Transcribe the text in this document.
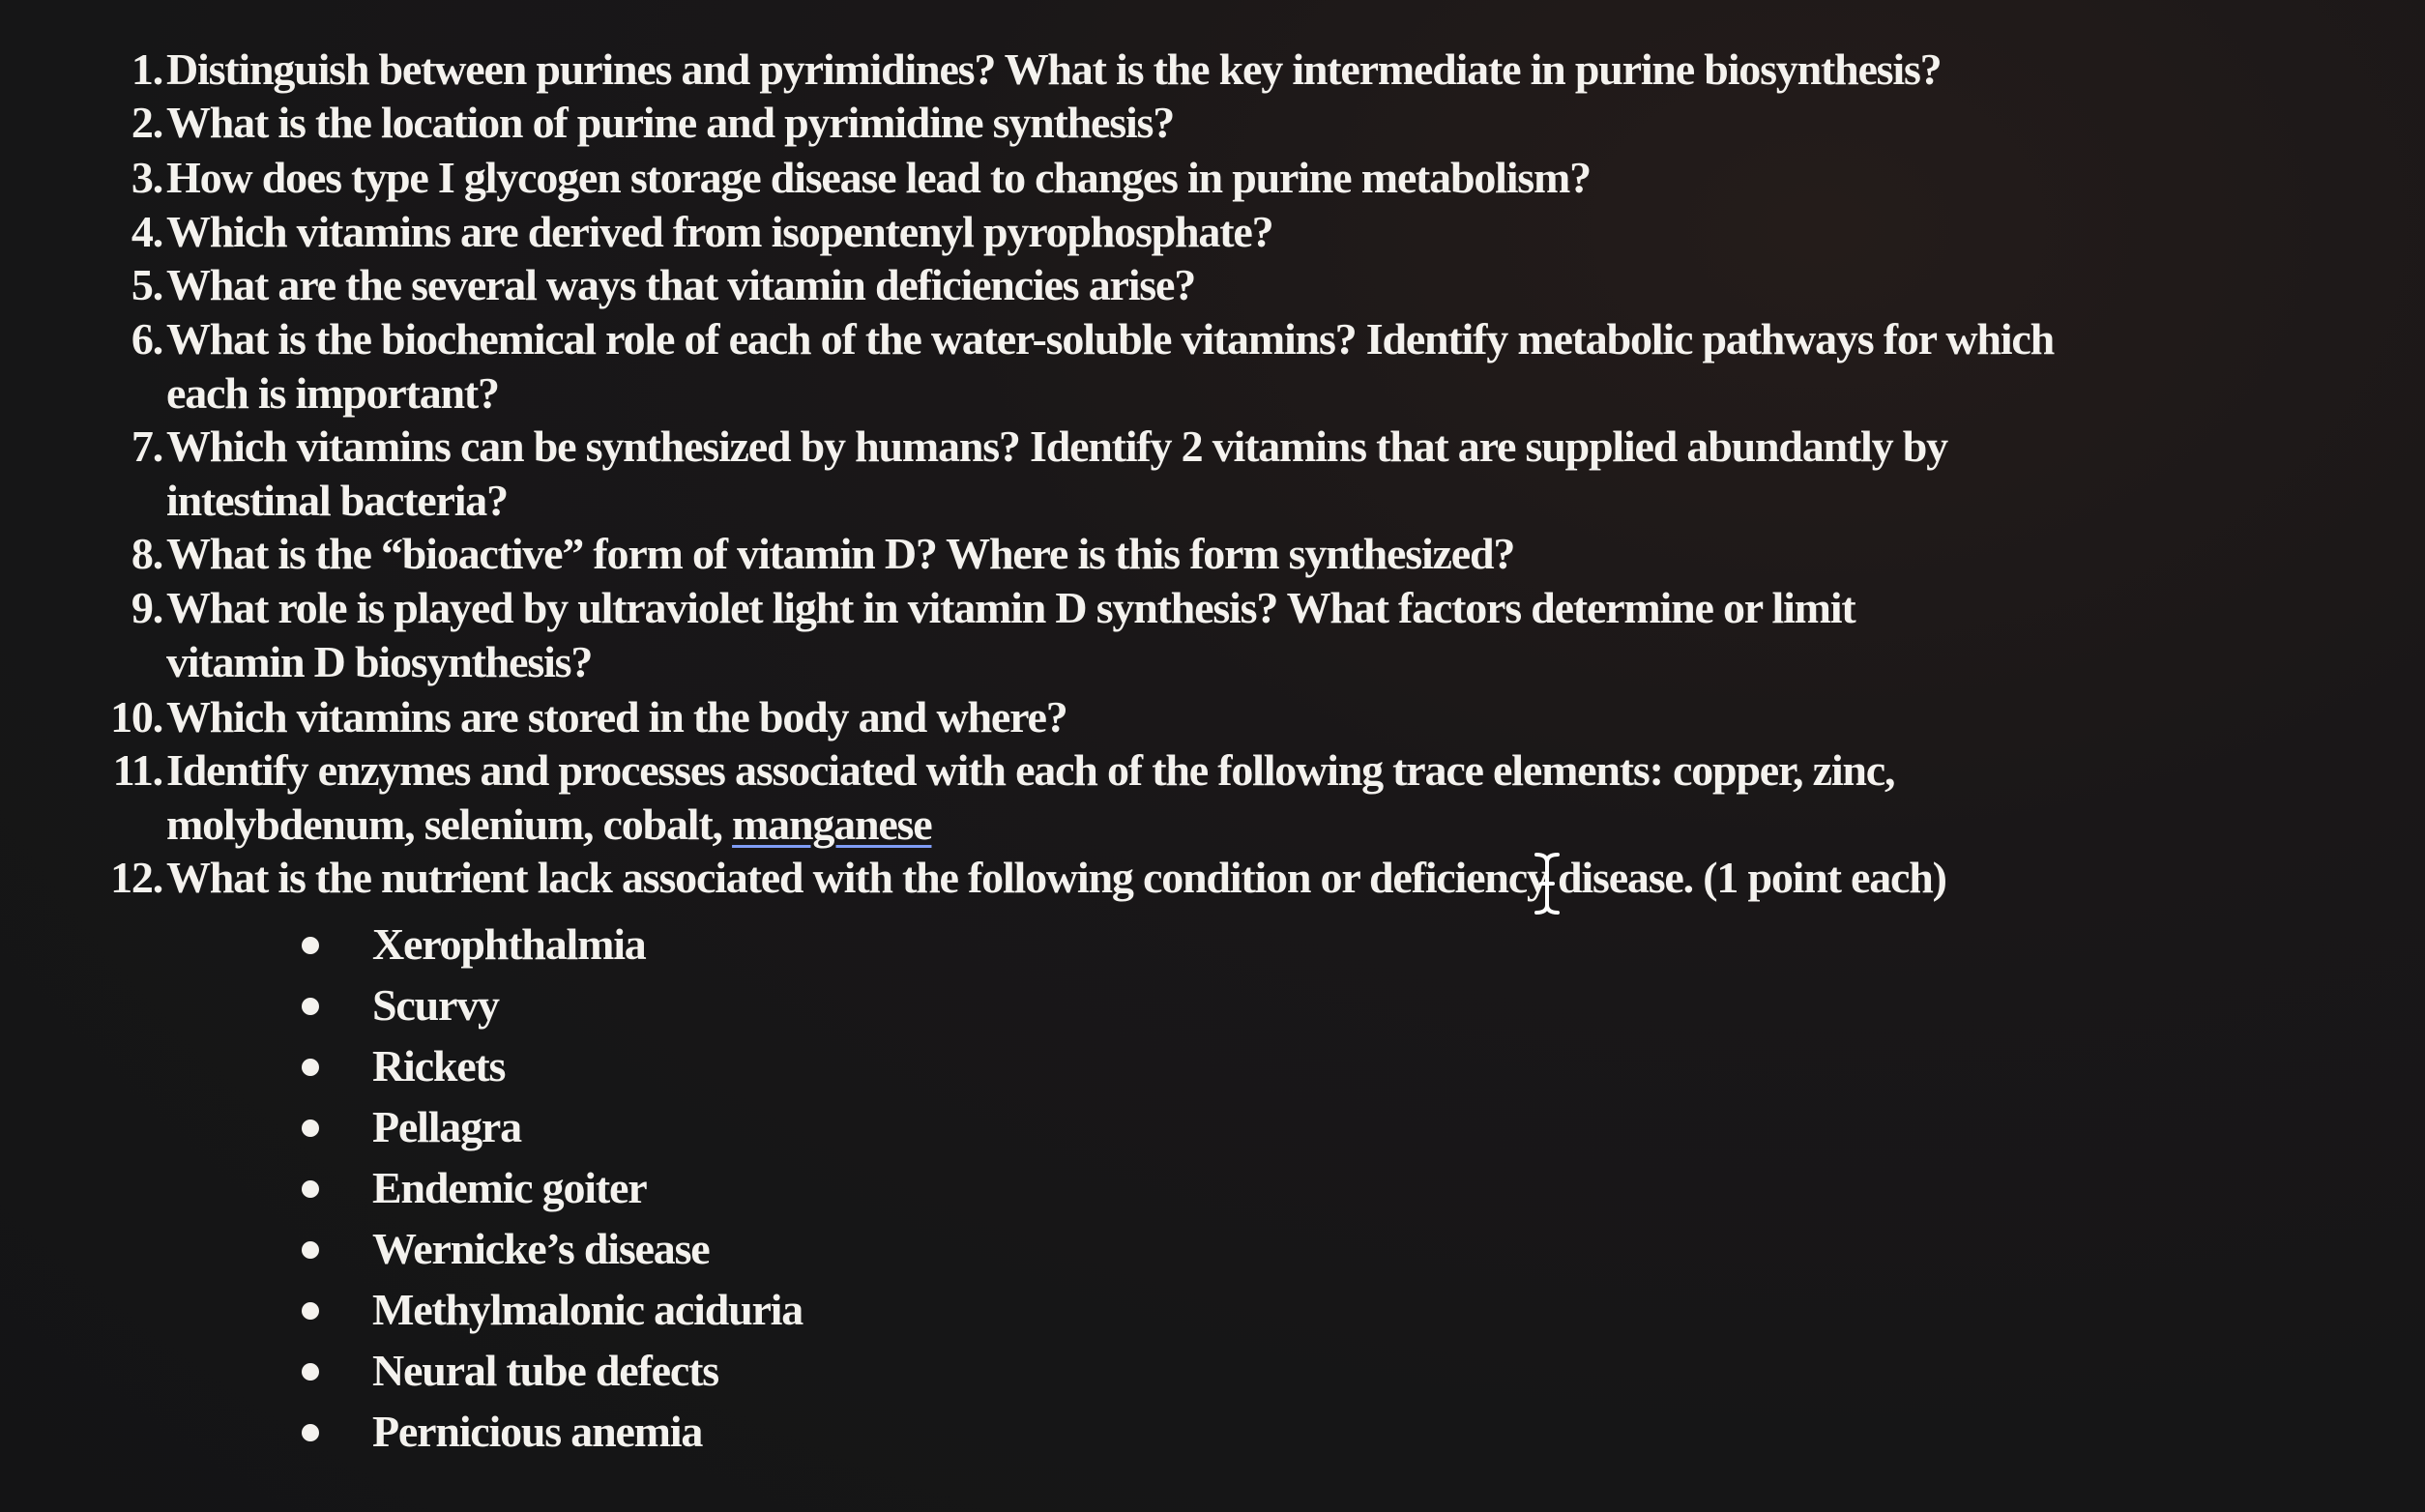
1. Distinguish between purines and pyrimidines? What is the key intermediate in purine biosynthesis?
2. What is the location of purine and pyrimidine synthesis?
3. How does type I glycogen storage disease lead to changes in purine metabolism?
4. Which vitamins are derived from isopentenyl pyrophosphate?
5. What are the several ways that vitamin deficiencies arise?
6. What is the biochemical role of each of the water-soluble vitamins? Identify metabolic pathways for which
each is important?
7. Which vitamins can be synthesized by humans? Identify 2 vitamins that are supplied abundantly by
intestinal bacteria?
8. What is the “bioactive” form of vitamin D? Where is this form synthesized?
9. What role is played by ultraviolet light in vitamin D synthesis? What factors determine or limit
vitamin D biosynthesis?
10. Which vitamins are stored in the body and where?
11. Identify enzymes and processes associated with each of the following trace elements: copper, zinc,
molybdenum, selenium, cobalt, manganese
12. What is the nutrient lack associated with the following condition or deficiency disease. (1 point each)
Xerophthalmia
Scurvy
Rickets
Pellagra
Endemic goiter
Wernicke’s disease
Methylmalonic aciduria
Neural tube defects
Pernicious anemia
